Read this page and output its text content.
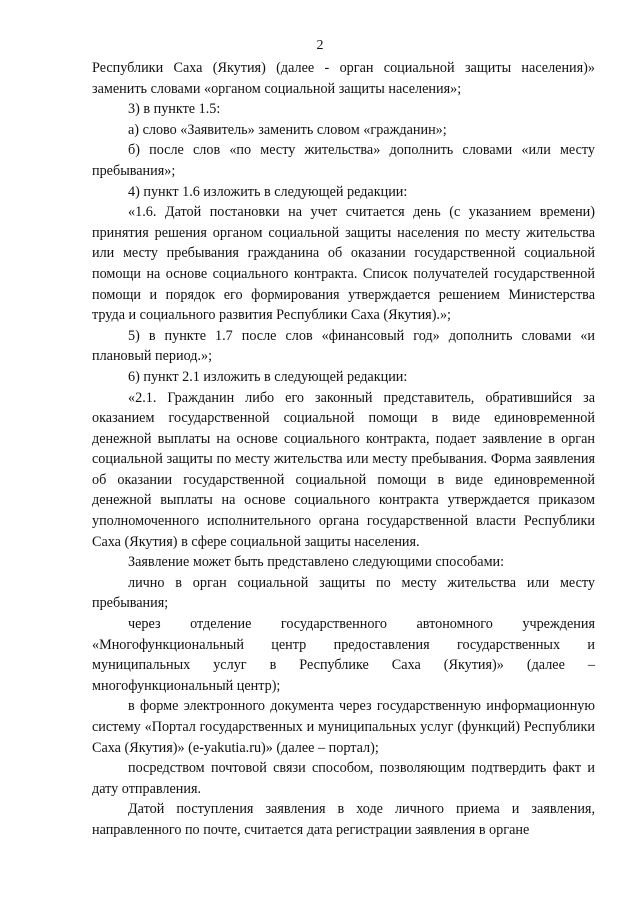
2

Республики Саха (Якутия) (далее - орган социальной защиты населения)» заменить словами «органом социальной защиты населения»;

3) в пункте 1.5:

а) слово «Заявитель» заменить словом «гражданин»;

б) после слов «по месту жительства» дополнить словами «или месту пребывания»;

4) пункт 1.6 изложить в следующей редакции:

«1.6. Датой постановки на учет считается день (с указанием времени) принятия решения органом социальной защиты населения по месту жительства или месту пребывания гражданина об оказании государственной социальной помощи на основе социального контракта. Список получателей государственной помощи и порядок его формирования утверждается решением Министерства труда и социального развития Республики Саха (Якутия).»;

5) в пункте 1.7 после слов «финансовый год» дополнить словами «и плановый период.»;

6) пункт 2.1 изложить в следующей редакции:

«2.1. Гражданин либо его законный представитель, обратившийся за оказанием государственной социальной помощи в виде единовременной денежной выплаты на основе социального контракта, подает заявление в орган социальной защиты по месту жительства или месту пребывания. Форма заявления об оказании государственной социальной помощи в виде единовременной денежной выплаты на основе социального контракта утверждается приказом уполномоченного исполнительного органа государственной власти Республики Саха (Якутия) в сфере социальной защиты населения.

Заявление может быть представлено следующими способами:

лично в орган социальной защиты по месту жительства или месту пребывания;

через отделение государственного автономного учреждения «Многофункциональный центр предоставления государственных и муниципальных услуг в Республике Саха (Якутия)» (далее – многофункциональный центр);

в форме электронного документа через государственную информационную систему «Портал государственных и муниципальных услуг (функций) Республики Саха (Якутия)» (e-yakutia.ru)» (далее – портал);

посредством почтовой связи способом, позволяющим подтвердить факт и дату отправления.

Датой поступления заявления в ходе личного приема и заявления, направленного по почте, считается дата регистрации заявления в органе
